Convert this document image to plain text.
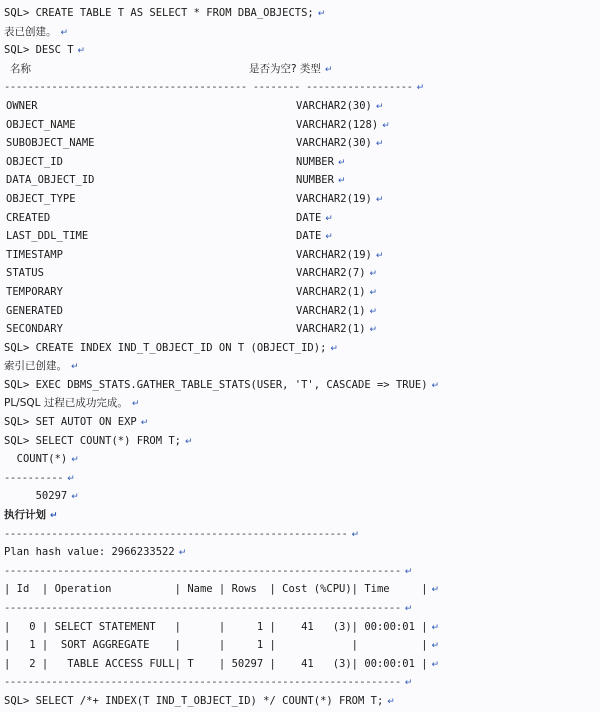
SQL> CREATE TABLE T AS SELECT * FROM DBA_OBJECTS; ↵
表已创建。 ↵
SQL> DESC T ↵
名称	是否为空? 类型 ↵
----------------------------------------- -------- ------------------ ↵
OWNER	VARCHAR2(30) ↵
OBJECT_NAME	VARCHAR2(128) ↵
SUBOBJECT_NAME	VARCHAR2(30) ↵
OBJECT_ID	NUMBER ↵
DATA_OBJECT_ID	NUMBER ↵
OBJECT_TYPE	VARCHAR2(19) ↵
CREATED	DATE ↵
LAST_DDL_TIME	DATE ↵
TIMESTAMP	VARCHAR2(19) ↵
STATUS	VARCHAR2(7) ↵
TEMPORARY	VARCHAR2(1) ↵
GENERATED	VARCHAR2(1) ↵
SECONDARY	VARCHAR2(1) ↵
SQL> CREATE INDEX IND_T_OBJECT_ID ON T (OBJECT_ID); ↵
索引已创建。 ↵
SQL> EXEC DBMS_STATS.GATHER_TABLE_STATS(USER, 'T', CASCADE => TRUE) ↵
PL/SQL 过程已成功完成。 ↵
SQL> SET AUTOT ON EXP ↵
SQL> SELECT COUNT(*) FROM T; ↵
COUNT(*) ↵
---------- ↵
50297 ↵
执行计划 ↵
---------------------------------------------------------- ↵
Plan hash value: 2966233522 ↵
------------------------------------------------------------------- ↵
| Id  | Operation          | Name | Rows  | Cost (%CPU)| Time     | ↵
------------------------------------------------------------------- ↵
|   0 | SELECT STATEMENT   |      |     1 |    41   (3)| 00:00:01 | ↵
|   1 |  SORT AGGREGATE    |      |     1 |            |          | ↵
|   2 |   TABLE ACCESS FULL| T    | 50297 |    41   (3)| 00:00:01 | ↵
------------------------------------------------------------------- ↵
SQL> SELECT /*+ INDEX(T IND_T_OBJECT_ID) */ COUNT(*) FROM T; ↵
